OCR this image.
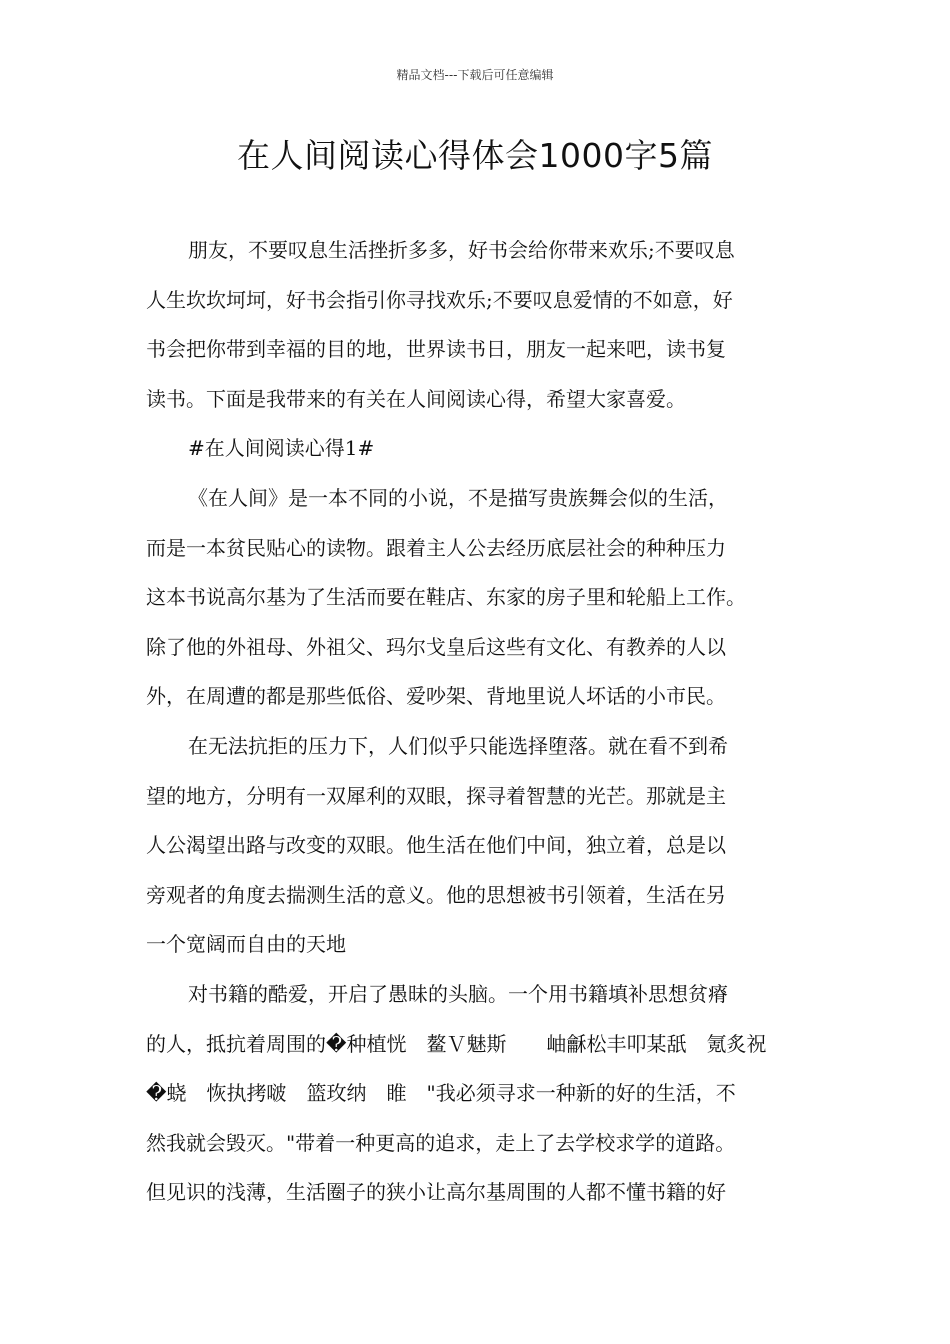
精品文档---下载后可任意编辑
在人间阅读心得体会1000字5篇
朋友，不要叹息生活挫折多多，好书会给你带来欢乐;不要叹息
人生坎坎坷坷，好书会指引你寻找欢乐;不要叹息爱情的不如意，好
书会把你带到幸福的目的地，世界读书日，朋友一起来吧，读书复
读书。下面是我带来的有关在人间阅读心得，希望大家喜爱。
#在人间阅读心得1#
《在人间》是一本不同的小说，不是描写贵族舞会似的生活，
而是一本贫民贴心的读物。跟着主人公去经历底层社会的种种压力
这本书说高尔基为了生活而要在鞋店、东家的房子里和轮船上工作。
除了他的外祖母、外祖父、玛尔戈皇后这些有文化、有教养的人以
外，在周遭的都是那些低俗、爱吵架、背地里说人坏话的小市民。
在无法抗拒的压力下，人们似乎只能选择堕落。就在看不到希
望的地方，分明有一双犀利的双眼，探寻着智慧的光芒。那就是主
人公渴望出路与改变的双眼。他生活在他们中间，独立着，总是以
旁观者的角度去揣测生活的意义。他的思想被书引领着，生活在另
一个宽阔而自由的天地
对书籍的酷爱，开启了愚昧的头脑。一个用书籍填补思想贫瘠
的人，抵抗着周围的�种植恍　鳌Ｖ魅斯　　岫龢松丰叩某舐　氪炙祝
�蛲　恢执拷啵　篮玫纳　睢　"我必须寻求一种新的好的生活，不
然我就会毁灭。"带着一种更高的追求，走上了去学校求学的道路。
但见识的浅薄，生活圈子的狭小让高尔基周围的人都不懂书籍的好
